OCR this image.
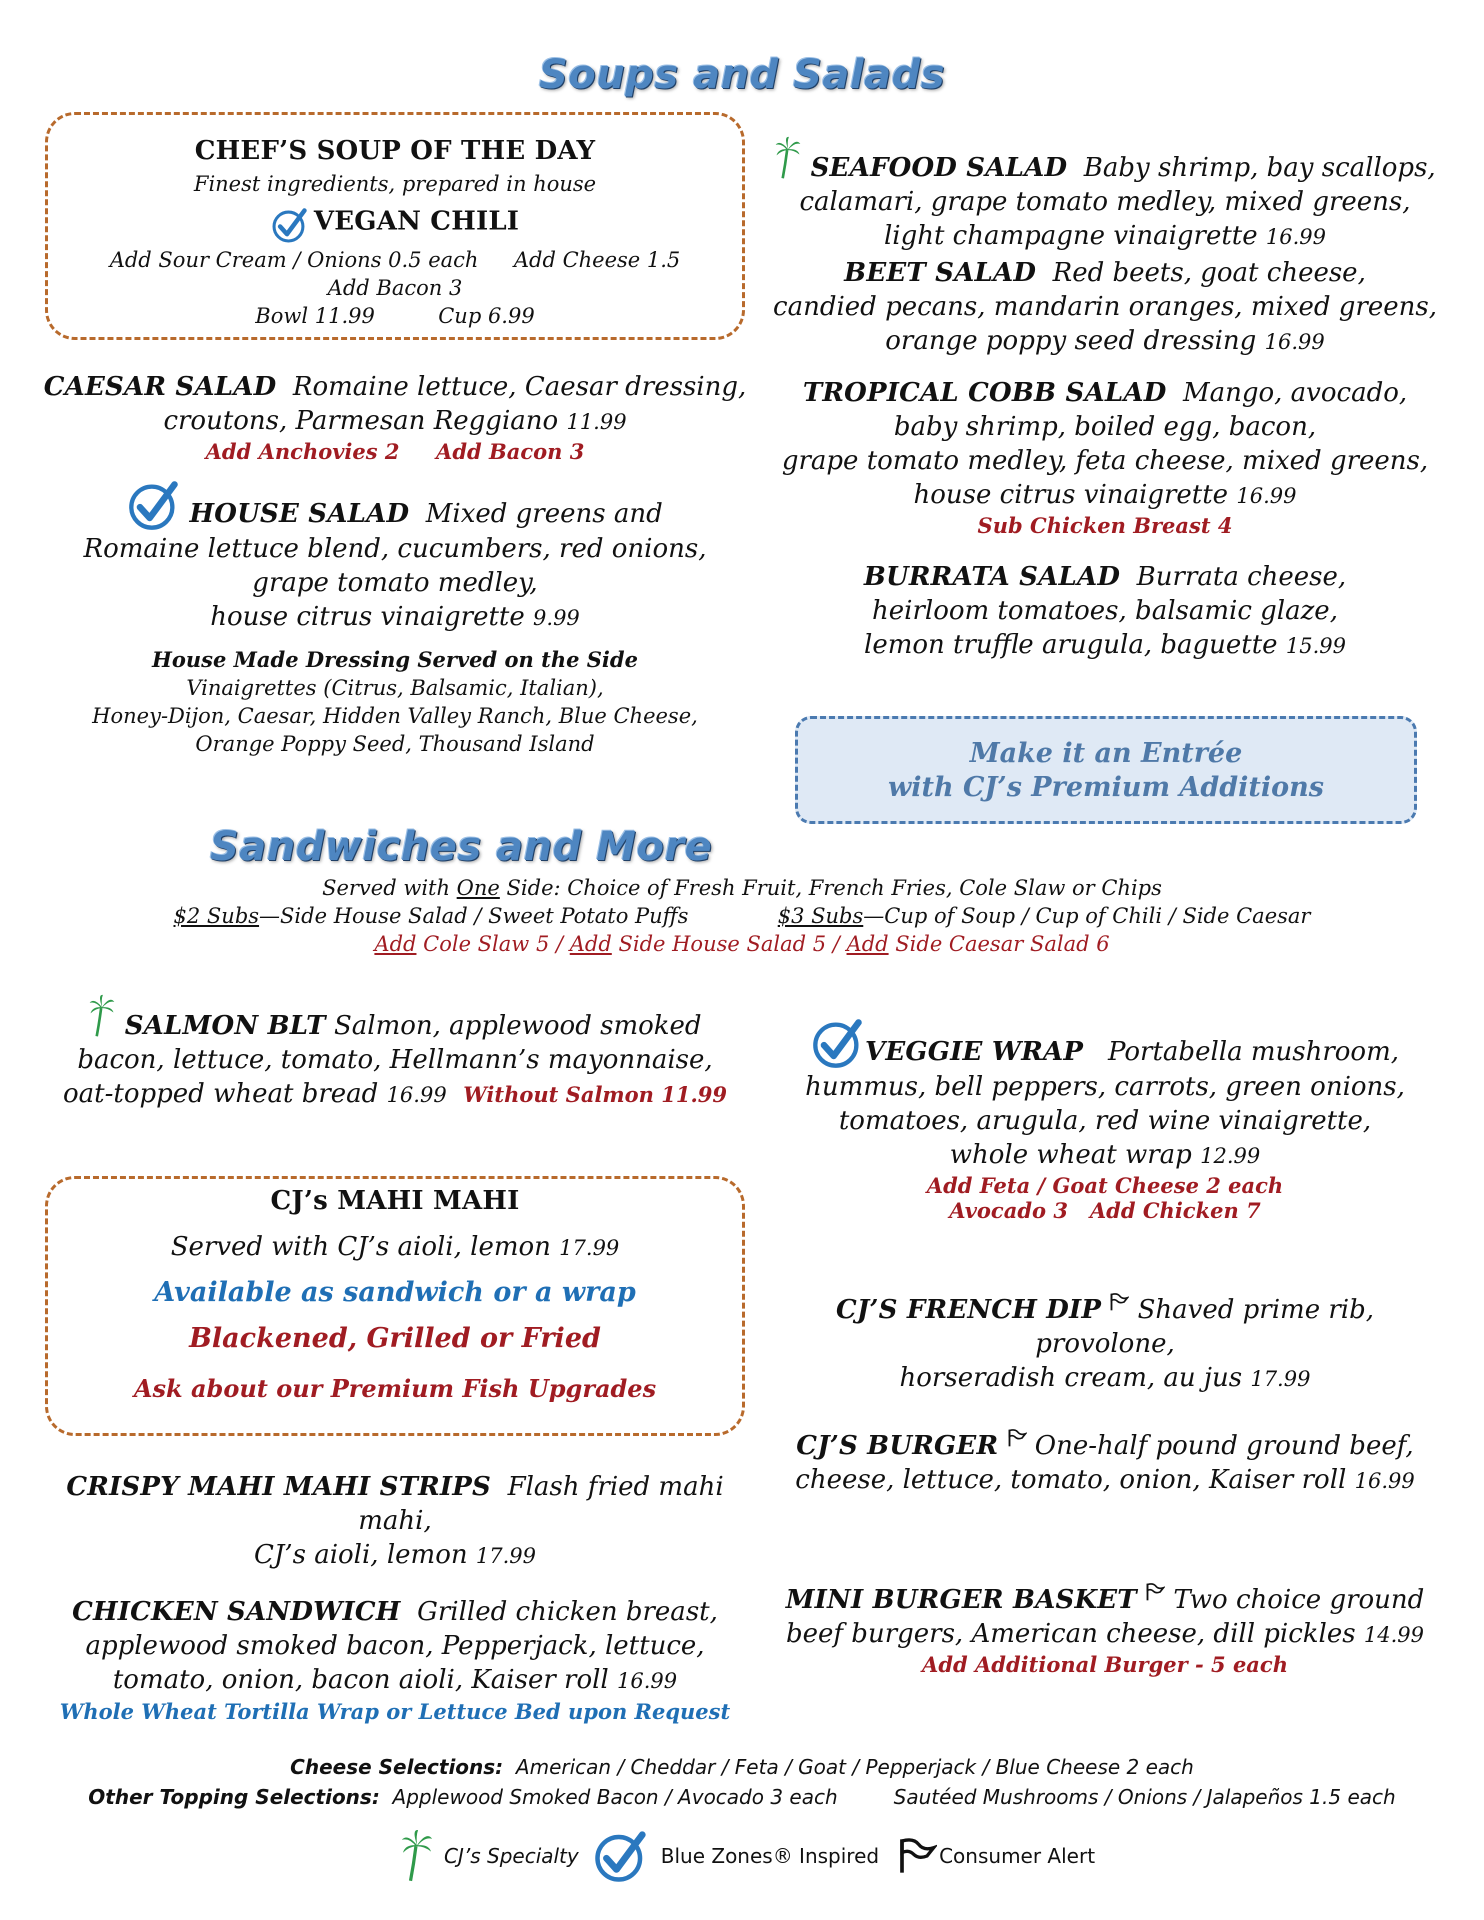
Soups and Salads
CHEF’S SOUP OF THE DAY
Finest ingredients, prepared in house
VEGAN CHILI
Add Sour Cream / Onions 0.5 each Add Cheese 1.5
Add Bacon 3
Bowl 11.99	Cup 6.99
CAESAR SALAD Romaine lettuce, Caesar dressing,
croutons, Parmesan Reggiano 11.99
Add Anchovies 2     Add Bacon 3
HOUSE SALAD Mixed greens and
Romaine lettuce blend, cucumbers, red onions,
grape tomato medley,
house citrus vinaigrette 9.99
House Made Dressing Served on the Side
Vinaigrettes (Citrus, Balsamic, Italian),
Honey-Dijon, Caesar, Hidden Valley Ranch, Blue Cheese,
Orange Poppy Seed, Thousand Island
SEAFOOD SALAD Baby shrimp, bay scallops,
calamari, grape tomato medley, mixed greens,
light champagne vinaigrette 16.99
BEET SALAD Red beets, goat cheese,
candied pecans, mandarin oranges, mixed greens,
orange poppy seed dressing 16.99
TROPICAL COBB SALAD Mango, avocado,
baby shrimp, boiled egg, bacon,
grape tomato medley, feta cheese, mixed greens,
house citrus vinaigrette 16.99
Sub Chicken Breast 4
BURRATA SALAD Burrata cheese,
heirloom tomatoes, balsamic glaze,
lemon truffle arugula, baguette 15.99
Make it an Entrée
with CJ’s Premium Additions
Sandwiches and More
Served with One Side: Choice of Fresh Fruit, French Fries, Cole Slaw or Chips
$2 Subs—Side House Salad / Sweet Potato Puffs	$3 Subs—Cup of Soup / Cup of Chili / Side Caesar
Add Cole Slaw 5 / Add Side House Salad 5 / Add Side Caesar Salad 6
SALMON BLT Salmon, applewood smoked
bacon, lettuce, tomato, Hellmann’s mayonnaise,
oat-topped wheat bread 16.99 Without Salmon 11.99
CJ’s MAHI MAHI
Served with CJ’s aioli, lemon 17.99
Available as sandwich or a wrap
Blackened, Grilled or Fried
Ask about our Premium Fish Upgrades
CRISPY MAHI MAHI STRIPS Flash fried mahi mahi,
CJ’s aioli, lemon 17.99
CHICKEN SANDWICH Grilled chicken breast,
applewood smoked bacon, Pepperjack, lettuce,
tomato, onion, bacon aioli, Kaiser roll 16.99
Whole Wheat Tortilla Wrap or Lettuce Bed upon Request
VEGGIE WRAP Portabella mushroom,
hummus, bell peppers, carrots, green onions,
tomatoes, arugula, red wine vinaigrette,
whole wheat wrap 12.99
Add Feta / Goat Cheese 2 each
Avocado 3   Add Chicken 7
CJ’S FRENCH DIP Shaved prime rib, provolone,
horseradish cream, au jus 17.99
CJ’S BURGER One-half pound ground beef,
cheese, lettuce, tomato, onion, Kaiser roll 16.99
MINI BURGER BASKET Two choice ground
beef burgers, American cheese, dill pickles 14.99
Add Additional Burger - 5 each
Cheese Selections: American / Cheddar / Feta / Goat / Pepperjack / Blue Cheese 2 each
Other Topping Selections: Applewood Smoked Bacon / Avocado 3 each	Sautéed Mushrooms / Onions / Jalapeños 1.5 each
CJ’s Specialty	Blue Zones® Inspired	Consumer Alert
